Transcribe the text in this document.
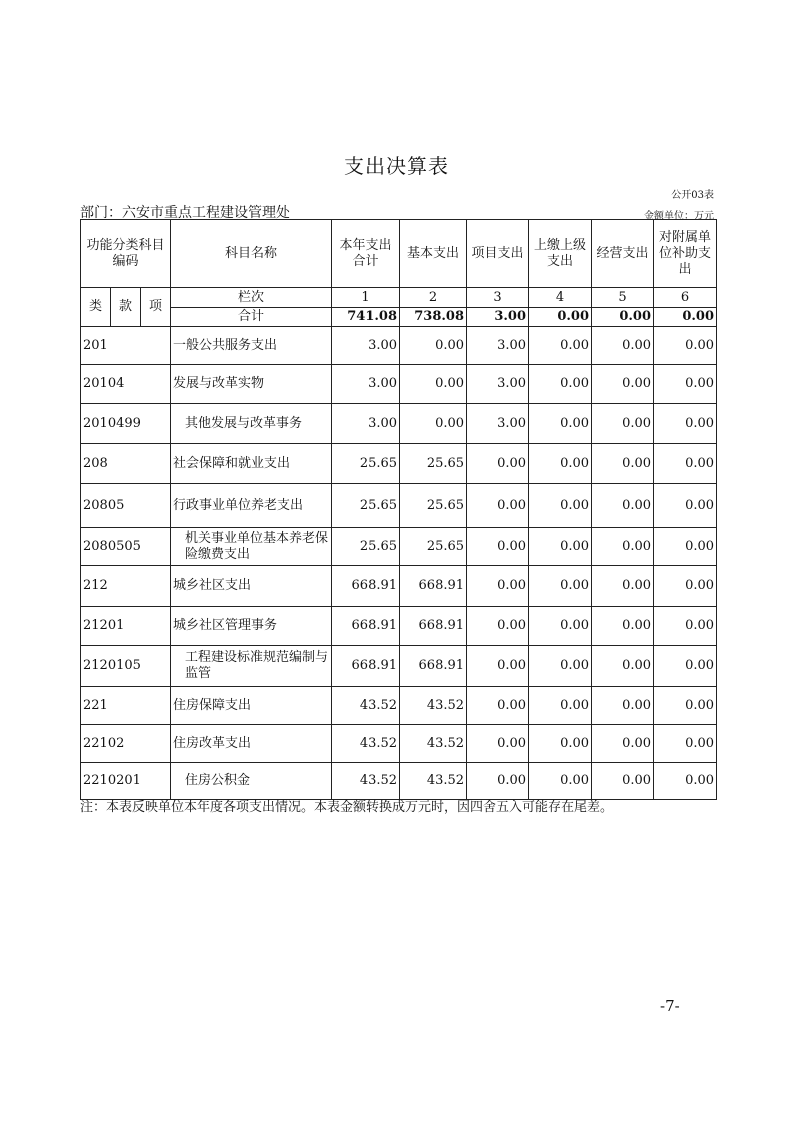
支出决算表
公开03表
部门：六安市重点工程建设管理处	金额单位：万元
功能分类科目编码			科目名称	本年支出合计	基本支出	项目支出	上缴上级支出	经营支出	对附属单位补助支出
类	款	项	栏次	1	2	3	4	5	6
			合计	741.08	738.08	3.00	0.00	0.00	0.00
201			一般公共服务支出	3.00	0.00	3.00	0.00	0.00	0.00
20104			发展与改革实物	3.00	0.00	3.00	0.00	0.00	0.00
2010499			其他发展与改革事务	3.00	0.00	3.00	0.00	0.00	0.00
208			社会保障和就业支出	25.65	25.65	0.00	0.00	0.00	0.00
20805			行政事业单位养老支出	25.65	25.65	0.00	0.00	0.00	0.00
2080505			机关事业单位基本养老保险缴费支出	25.65	25.65	0.00	0.00	0.00	0.00
212			城乡社区支出	668.91	668.91	0.00	0.00	0.00	0.00
21201			城乡社区管理事务	668.91	668.91	0.00	0.00	0.00	0.00
2120105			工程建设标准规范编制与监管	668.91	668.91	0.00	0.00	0.00	0.00
221			住房保障支出	43.52	43.52	0.00	0.00	0.00	0.00
22102			住房改革支出	43.52	43.52	0.00	0.00	0.00	0.00
2210201			住房公积金	43.52	43.52	0.00	0.00	0.00	0.00
注：本表反映单位本年度各项支出情况。本表金额转换成万元时，因四舍五入可能存在尾差。
-7-
